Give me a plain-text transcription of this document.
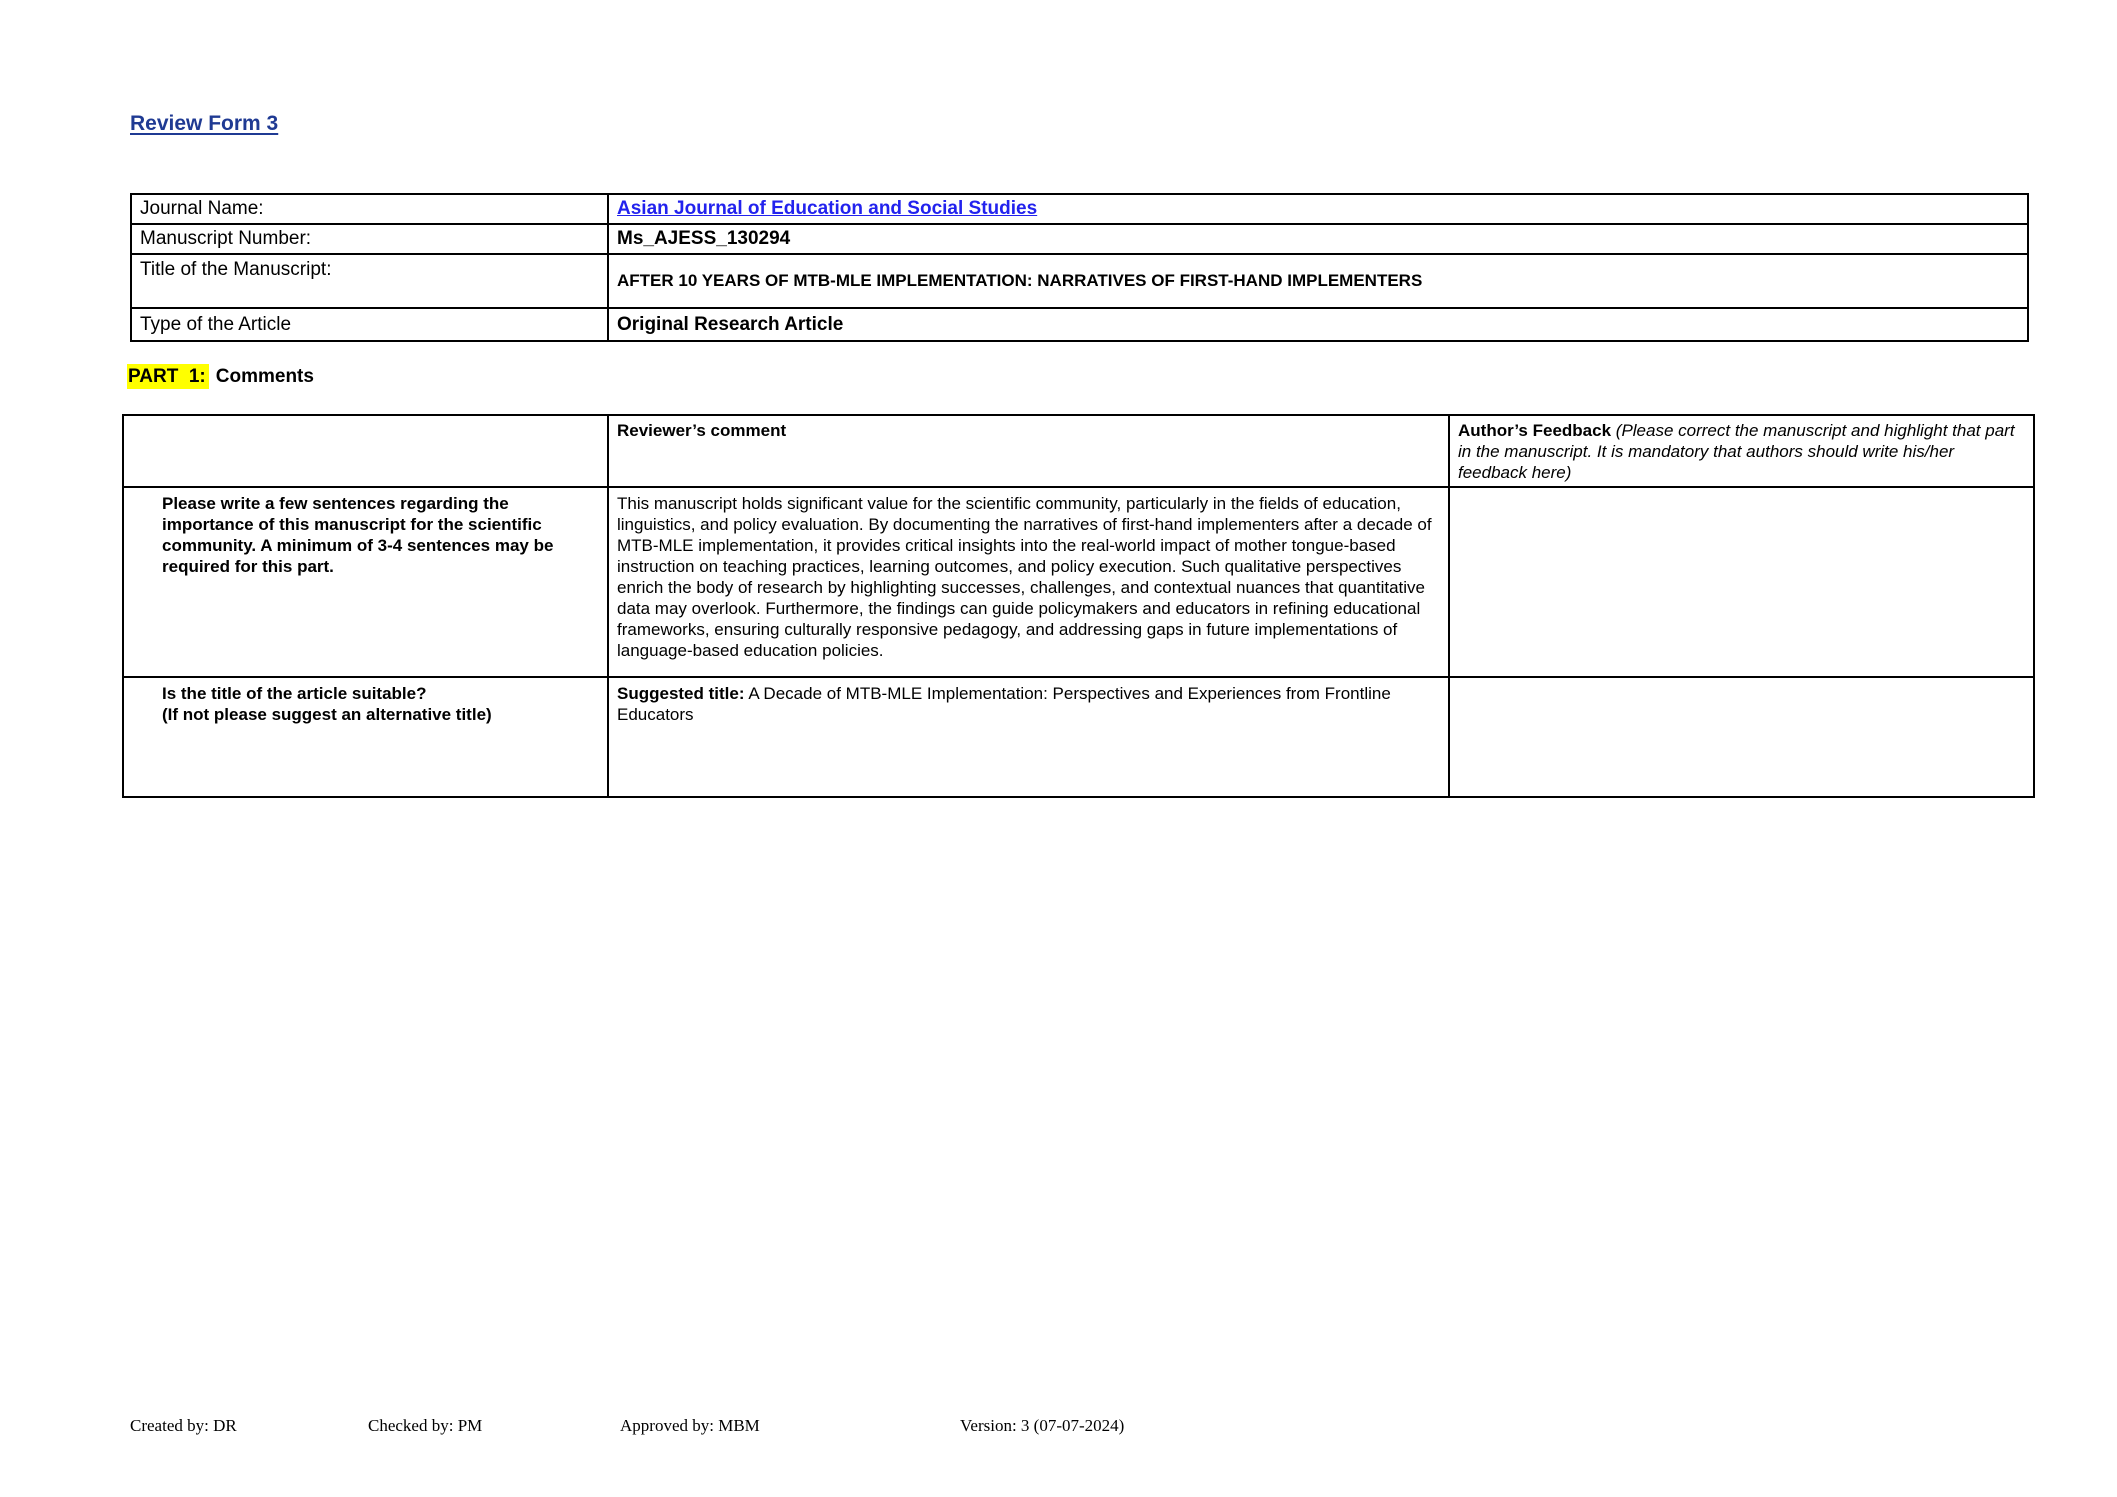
Review Form 3
Journal Name:	Asian Journal of Education and Social Studies
Manuscript Number:	Ms_AJESS_130294
Title of the Manuscript:	AFTER 10 YEARS OF MTB-MLE IMPLEMENTATION: NARRATIVES OF FIRST-HAND IMPLEMENTERS
Type of the Article	Original Research Article
PART  1: Comments
	Reviewer’s comment	Author’s Feedback (Please correct the manuscript and highlight that part in the manuscript. It is mandatory that authors should write his/her feedback here)
Please write a few sentences regarding the importance of this manuscript for the scientific community. A minimum of 3-4 sentences may be required for this part.	This manuscript holds significant value for the scientific community, particularly in the fields of education, linguistics, and policy evaluation. By documenting the narratives of first-hand implementers after a decade of MTB-MLE implementation, it provides critical insights into the real-world impact of mother tongue-based instruction on teaching practices, learning outcomes, and policy execution. Such qualitative perspectives enrich the body of research by highlighting successes, challenges, and contextual nuances that quantitative data may overlook. Furthermore, the findings can guide policymakers and educators in refining educational frameworks, ensuring culturally responsive pedagogy, and addressing gaps in future implementations of language-based education policies.	

Is the title of the article suitable?
(If not please suggest an alternative title)	Suggested title: A Decade of MTB-MLE Implementation: Perspectives and Experiences from Frontline Educators	
Created by: DR	Checked by: PM	Approved by: MBM	Version: 3 (07-07-2024)
